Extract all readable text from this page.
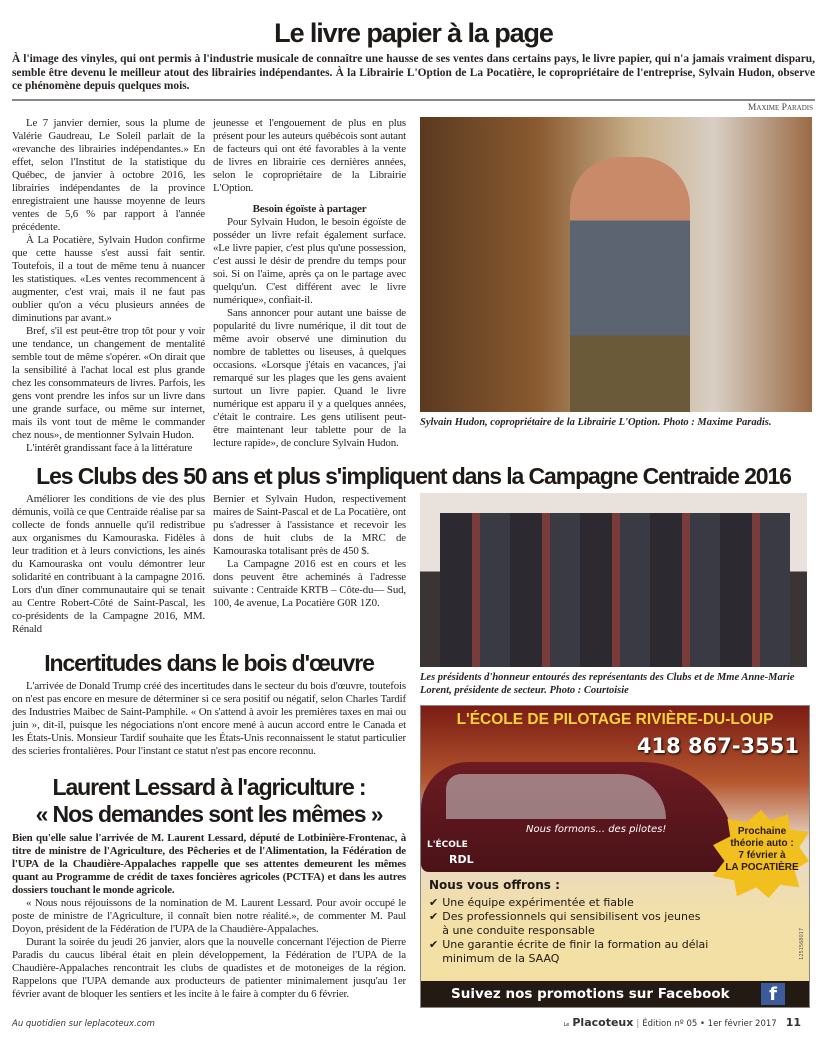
Le livre papier à la page
À l'image des vinyles, qui ont permis à l'industrie musicale de connaître une hausse de ses ventes dans certains pays, le livre papier, qui n'a jamais vraiment disparu, semble être devenu le meilleur atout des librairies indépendantes. À la Librairie L'Option de La Pocatière, le copropriétaire de l'entreprise, Sylvain Hudon, observe ce phénomène depuis quelques mois.
Maxime Paradis

Le 7 janvier dernier, sous la plume de Valérie Gaudreau, Le Soleil parlait de la «revanche des librairies indépendantes.» En effet, selon l'Institut de la statistique du Québec, de janvier à octobre 2016, les librairies indépendantes de la province enregistraient une hausse moyenne de leurs ventes de 5,6 % par rapport à l'année précédente.

À La Pocatière, Sylvain Hudon confirme que cette hausse s'est aussi fait sentir. Toutefois, il a tout de même tenu à nuancer les statistiques. «Les ventes recommencent à augmenter, c'est vrai, mais il ne faut pas oublier qu'on a vécu plusieurs années de diminutions par avant.»

Bref, s'il est peut-être trop tôt pour y voir une tendance, un changement de mentalité semble tout de même s'opérer. «On dirait que la sensibilité à l'achat local est plus grande chez les consommateurs de livres. Parfois, les gens vont prendre les infos sur un livre dans une grande surface, ou même sur internet, mais ils vont tout de même le commander chez nous», de mentionner Sylvain Hudon.

L'intérêt grandissant face à la littérature

jeunesse et l'engouement de plus en plus présent pour les auteurs québécois sont autant de facteurs qui ont été favorables à la vente de livres en librairie ces dernières années, selon le copropriétaire de la Librairie L'Option.
Besoin égoïste à partager

Pour Sylvain Hudon, le besoin égoïste de posséder un livre refait également surface. «Le livre papier, c'est plus qu'une possession, c'est aussi le désir de prendre du temps pour soi. Si on l'aime, après ça on le partage avec quelqu'un. C'est différent avec le livre numérique», confiait-il.

Sans annoncer pour autant une baisse de popularité du livre numérique, il dit tout de même avoir observé une diminution du nombre de tablettes ou liseuses, à quelques occasions. «Lorsque j'étais en vacances, j'ai remarqué sur les plages que les gens avaient surtout un livre papier. Quand le livre numérique est apparu il y a quelques années, c'était le contraire. Les gens utilisent peut-être maintenant leur tablette pour de la lecture rapide», de conclure Sylvain Hudon.

Sylvain Hudon, copropriétaire de la Librairie L'Option. Photo : Maxime Paradis.
Les Clubs des 50 ans et plus s'impliquent dans la Campagne Centraide 2016

Améliorer les conditions de vie des plus démunis, voilà ce que Centraide réalise par sa collecte de fonds annuelle qu'il redistribue aux organismes du Kamouraska. Fidèles à leur tradition et à leurs convictions, les ainés du Kamouraska ont voulu démontrer leur solidarité en contribuant à la campagne 2016. Lors d'un dîner communautaire qui se tenait au Centre Robert-Côté de Saint-Pascal, les co-présidents de la Campagne 2016, MM. Rénald

Bernier et Sylvain Hudon, respectivement maires de Saint-Pascal et de La Pocatière, ont pu s'adresser à l'assistance et recevoir les dons de huit clubs de la MRC de Kamouraska totalisant près de 450 $.

La Campagne 2016 est en cours et les dons peuvent être acheminés à l'adresse suivante : Centraide KRTB – Côte-du— Sud, 100, 4e avenue, La Pocatière G0R 1Z0.

Incertitudes dans le bois d'œuvre

L'arrivée de Donald Trump créé des incertitudes dans le secteur du bois d'œuvre, toutefois on n'est pas encore en mesure de déterminer si ce sera positif ou négatif, selon Charles Tardif des Industries Maibec de Saint-Pamphile. « On s'attend à avoir les premières taxes en mai ou juin », dit-il, puisque les négociations n'ont encore mené à aucun accord entre le Canada et les États-Unis. Monsieur Tardif souhaite que les États-Unis reconnaissent le statut particulier des scieries frontalières. Pour l'instant ce statut n'est pas encore reconnu.

Laurent Lessard à l'agriculture :
« Nos demandes sont les mêmes »
Bien qu'elle salue l'arrivée de M. Laurent Lessard, député de Lotbinière-Frontenac, à titre de ministre de l'Agriculture, des Pêcheries et de l'Alimentation, la Fédération de l'UPA de la Chaudière-Appalaches rappelle que ses attentes demeurent les mêmes quant au Programme de crédit de taxes foncières agricoles (PCTFA) et dans les autres dossiers touchant le monde agricole.

« Nous nous réjouissons de la nomination de M. Laurent Lessard. Pour avoir occupé le poste de ministre de l'Agriculture, il connaît bien notre réalité.», de commenter M. Paul Doyon, président de la Fédération de l'UPA de la Chaudière-Appalaches.

Durant la soirée du jeudi 26 janvier, alors que la nouvelle concernant l'éjection de Pierre Paradis du caucus libéral était en plein développement, la Fédération de l'UPA de la Chaudière-Appalaches rencontrait les clubs de quadistes et de motoneiges de la région. Rappelons que l'UPA demande aux producteurs de patienter minimalement jusqu'au 1er février avant de bloquer les sentiers et les incite à le faire à compter du 6 février.

Les présidents d'honneur entourés des représentants des Clubs et de Mme Anne-Marie Lorent, présidente de secteur. Photo : Courtoisie
L'ÉCOLE DE PILOTAGE RIVIÈRE-DU-LOUP
418 867-3551
Nous formons... des pilotes!
L'ÉCOLE
RDL
Prochaine
théorie auto :
7 février à
LA POCATIÈRE
Nous vous offrons :
✔ Une équipe expérimentée et fiable
✔ Des professionnels qui sensibilisent vos jeunes à une conduite responsable
✔ Une garantie écrite de finir la formation au délai minimum de la SAAQ	1251568017
Suivez nos promotions sur Facebook	f
Au quotidien sur leplacoteux.com	Le Placoteux | Édition nº 05 • 1er février 2017 11
